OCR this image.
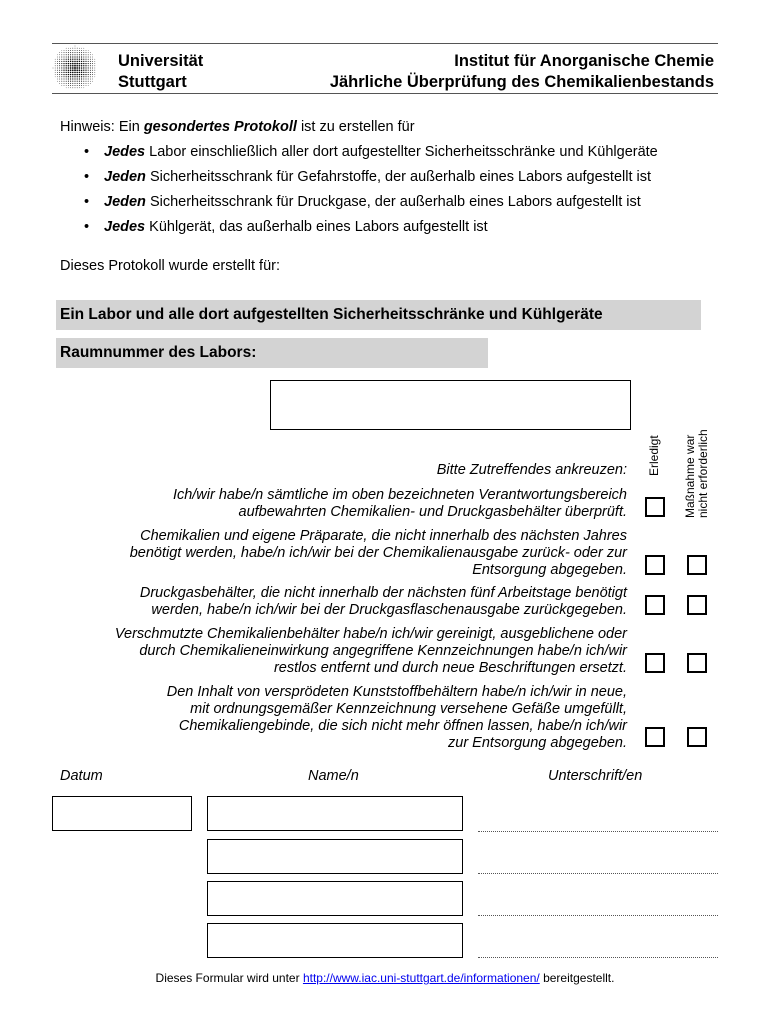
Universität
Stuttgart
Institut für Anorganische Chemie
Jährliche Überprüfung des Chemikalienbestands
Hinweis: Ein gesondertes Protokoll ist zu erstellen für
• Jedes Labor einschließlich aller dort aufgestellter Sicherheitsschränke und Kühlgeräte
• Jeden Sicherheitsschrank für Gefahrstoffe, der außerhalb eines Labors aufgestellt ist
• Jeden Sicherheitsschrank für Druckgase, der außerhalb eines Labors aufgestellt ist
• Jedes Kühlgerät, das außerhalb eines Labors aufgestellt ist
Dieses Protokoll wurde erstellt für:
Ein Labor und alle dort aufgestellten Sicherheitsschränke und Kühlgeräte
Raumnummer des Labors:
Erledigt Maßnahme war nicht erforderlich
Bitte Zutreffendes ankreuzen:
Ich/wir habe/n sämtliche im oben bezeichneten Verantwortungsbereich
aufbewahrten Chemikalien- und Druckgasbehälter überprüft.
Chemikalien und eigene Präparate, die nicht innerhalb des nächsten Jahres
benötigt werden, habe/n ich/wir bei der Chemikalienausgabe zurück- oder zur
Entsorgung abgegeben.
Druckgasbehälter, die nicht innerhalb der nächsten fünf Arbeitstage benötigt
werden, habe/n ich/wir bei der Druckgasflaschenausgabe zurückgegeben.
Verschmutzte Chemikalienbehälter habe/n ich/wir gereinigt, ausgeblichene oder
durch Chemikalieneinwirkung angegriffene Kennzeichnungen habe/n ich/wir
restlos entfernt und durch neue Beschriftungen ersetzt.
Den Inhalt von versprödeten Kunststoffbehältern habe/n ich/wir in neue,
mit ordnungsgemäßer Kennzeichnung versehene Gefäße umgefüllt,
Chemikaliengebinde, die sich nicht mehr öffnen lassen, habe/n ich/wir
zur Entsorgung abgegeben.
Datum	Name/n	Unterschrift/en
Dieses Formular wird unter http://www.iac.uni-stuttgart.de/informationen/ bereitgestellt.
